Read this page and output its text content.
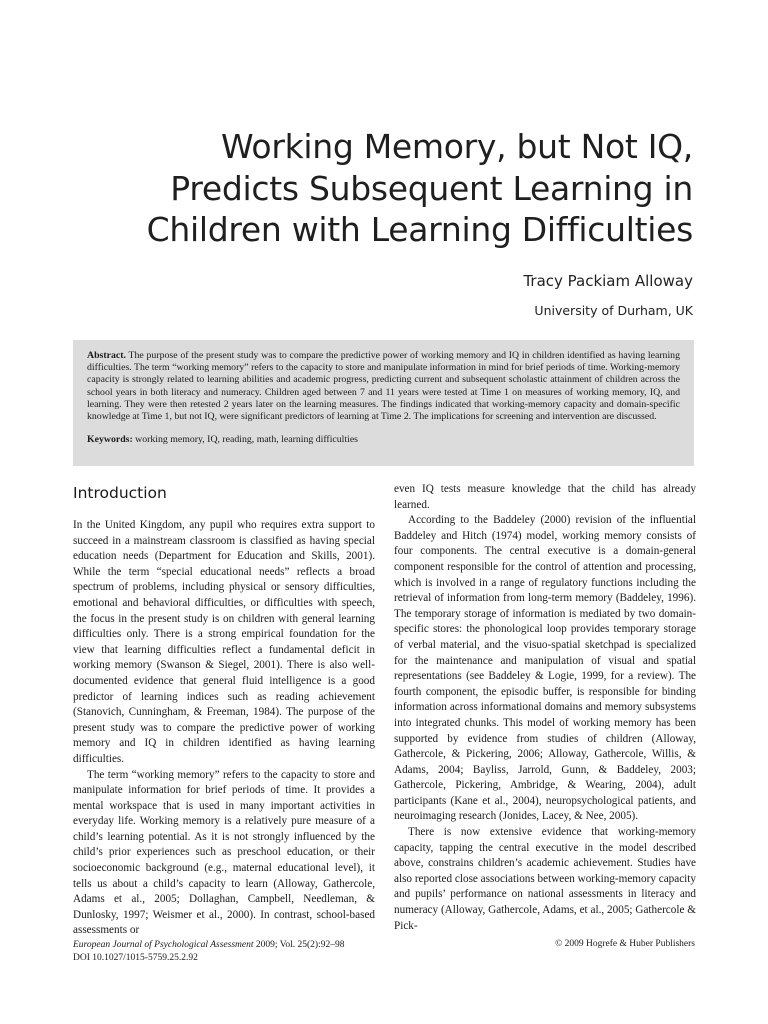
Working Memory, but Not IQ,
Predicts Subsequent Learning in
Children with Learning Difficulties
Tracy Packiam Alloway
University of Durham, UK

Abstract. The purpose of the present study was to compare the predictive power of working memory and IQ in children identified as having learning difficulties. The term “working memory” refers to the capacity to store and manipulate information in mind for brief periods of time. Working-memory capacity is strongly related to learning abilities and academic progress, predicting current and subsequent scholastic attainment of children across the school years in both literacy and numeracy. Children aged between 7 and 11 years were tested at Time 1 on measures of working memory, IQ, and learning. They were then retested 2 years later on the learning measures. The findings indicated that working-memory capacity and domain-specific knowledge at Time 1, but not IQ, were significant predictors of learning at Time 2. The implications for screening and intervention are discussed.

Keywords: working memory, IQ, reading, math, learning difficulties

Introduction

In the United Kingdom, any pupil who requires extra support to succeed in a mainstream classroom is classified as having special education needs (Department for Education and Skills, 2001). While the term “special educational needs” reflects a broad spectrum of problems, including physical or sensory difficulties, emotional and behavioral difficulties, or difficulties with speech, the focus in the present study is on children with general learning difficulties only. There is a strong empirical foundation for the view that learning difficulties reflect a fundamental deficit in working memory (Swanson & Siegel, 2001). There is also well-documented evidence that general fluid intelligence is a good predictor of learning indices such as reading achievement (Stanovich, Cunningham, & Freeman, 1984). The purpose of the present study was to compare the predictive power of working memory and IQ in children identified as having learning difficulties.

The term “working memory” refers to the capacity to store and manipulate information for brief periods of time. It provides a mental workspace that is used in many important activities in everyday life. Working memory is a relatively pure measure of a child’s learning potential. As it is not strongly influenced by the child’s prior experiences such as preschool education, or their socioeconomic background (e.g., maternal educational level), it tells us about a child’s capacity to learn (Alloway, Gathercole, Adams et al., 2005; Dollaghan, Campbell, Needleman, & Dunlosky, 1997; Weismer et al., 2000). In contrast, school-based assessments or

even IQ tests measure knowledge that the child has already learned.

According to the Baddeley (2000) revision of the influential Baddeley and Hitch (1974) model, working memory consists of four components. The central executive is a domain-general component responsible for the control of attention and processing, which is involved in a range of regulatory functions including the retrieval of information from long-term memory (Baddeley, 1996). The temporary storage of information is mediated by two domain-specific stores: the phonological loop provides temporary storage of verbal material, and the visuo-spatial sketchpad is specialized for the maintenance and manipulation of visual and spatial representations (see Baddeley & Logie, 1999, for a review). The fourth component, the episodic buffer, is responsible for binding information across informational domains and memory subsystems into integrated chunks. This model of working memory has been supported by evidence from studies of children (Alloway, Gathercole, & Pickering, 2006; Alloway, Gathercole, Willis, & Adams, 2004; Bayliss, Jarrold, Gunn, & Baddeley, 2003; Gathercole, Pickering, Ambridge, & Wearing, 2004), adult participants (Kane et al., 2004), neuropsychological patients, and neuroimaging research (Jonides, Lacey, & Nee, 2005).

There is now extensive evidence that working-memory capacity, tapping the central executive in the model described above, constrains children’s academic achievement. Studies have also reported close associations between working-memory capacity and pupils’ performance on national assessments in literacy and numeracy (Alloway, Gathercole, Adams, et al., 2005; Gathercole & Pick-

European Journal of Psychological Assessment 2009; Vol. 25(2):92–98
DOI 10.1027/1015-5759.25.2.92
© 2009 Hogrefe & Huber Publishers
